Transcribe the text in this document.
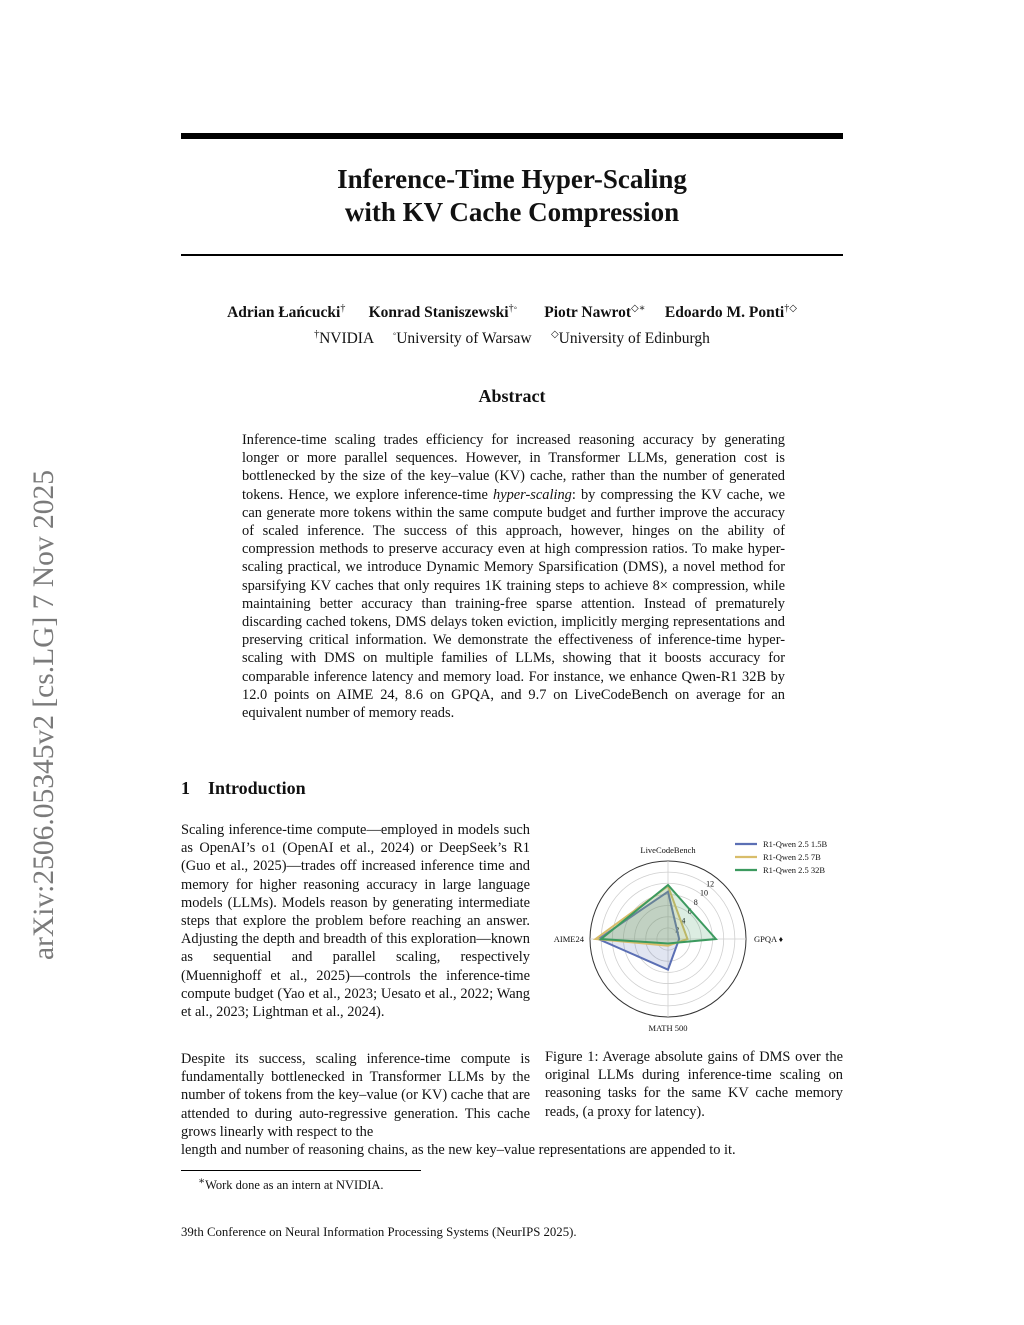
arXiv:2506.05345v2 [cs.LG] 7 Nov 2025
Inference-Time Hyper-Scaling
with KV Cache Compression
Adrian Łańcucki† Konrad Staniszewski†◦ Piotr Nawrot◇∗ Edoardo M. Ponti†◇
†NVIDIA ◦University of Warsaw ◇University of Edinburgh
Abstract

Inference-time scaling trades efficiency for increased reasoning accuracy by generating longer or more parallel sequences. However, in Transformer LLMs, generation cost is bottlenecked by the size of the key–value (KV) cache, rather than the number of generated tokens. Hence, we explore inference-time hyper-scaling: by compressing the KV cache, we can generate more tokens within the same compute budget and further improve the accuracy of scaled inference. The success of this approach, however, hinges on the ability of compression methods to preserve accuracy even at high compression ratios. To make hyper-scaling practical, we introduce Dynamic Memory Sparsification (DMS), a novel method for sparsifying KV caches that only requires 1K training steps to achieve 8× compression, while maintaining better accuracy than training-free sparse attention. Instead of prematurely discarding cached tokens, DMS delays token eviction, implicitly merging representations and preserving critical information. We demonstrate the effectiveness of inference-time hyper-scaling with DMS on multiple families of LLMs, showing that it boosts accuracy for comparable inference latency and memory load. For instance, we enhance Qwen-R1 32B by 12.0 points on AIME 24, 8.6 on GPQA, and 9.7 on LiveCodeBench on average for an equivalent number of memory reads.

1 Introduction

Scaling inference-time compute—employed in models such as OpenAI’s o1 (OpenAI et al., 2024) or DeepSeek’s R1 (Guo et al., 2025)—trades off increased inference time and memory for higher reasoning accuracy in large language models (LLMs). Models reason by generating intermediate steps that explore the problem before reaching an answer. Adjusting the depth and breadth of this exploration—known as sequential and parallel scaling, respectively (Muennighoff et al., 2025)—controls the inference-time compute budget (Yao et al., 2023; Uesato et al., 2022; Wang et al., 2023; Lightman et al., 2024).

Despite its success, scaling inference-time compute is fundamentally bottlenecked in Transformer LLMs by the number of tokens from the key–value (or KV) cache that are attended to during auto-regressive generation. This cache grows linearly with respect to the

length and number of reasoning chains, as the new key–value representations are appended to it.

LiveCodeBench
GPQA ♦
MATH 500
AIME24
2
4
6
8
10
12
R1-Qwen 2.5 1.5B
R1-Qwen 2.5 7B
R1-Qwen 2.5 32B

Figure 1: Average absolute gains of DMS over the original LLMs during inference-time scaling on reasoning tasks for the same KV cache memory reads, (a proxy for latency).

∗Work done as an intern at NVIDIA.
39th Conference on Neural Information Processing Systems (NeurIPS 2025).
